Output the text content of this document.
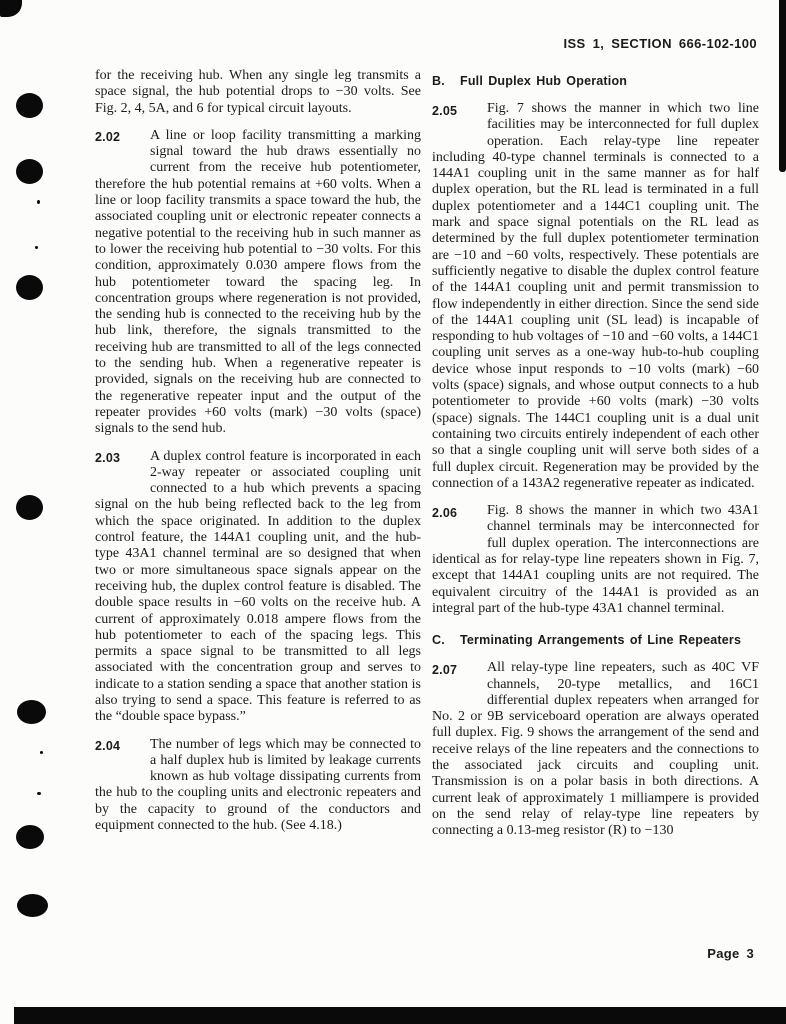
ISS 1, SECTION 666-102-100

for the receiving hub. When any single leg transmits a space signal, the hub potential drops to −30 volts. See Fig. 2, 4, 5A, and 6 for typical circuit layouts.

2.02	A line or loop facility transmitting a marking signal toward the hub draws essentially no current from the receive hub potentiometer, therefore the hub potential remains at +60 volts. When a line or loop facility transmits a space toward the hub, the associated coupling unit or electronic repeater connects a negative potential to the receiving hub in such manner as to lower the receiving hub potential to −30 volts. For this condition, approximately 0.030 ampere flows from the hub potentiometer toward the spacing leg. In concentration groups where regeneration is not provided, the sending hub is connected to the receiving hub by the hub link, therefore, the signals transmitted to the receiving hub are transmitted to all of the legs connected to the sending hub. When a regenerative repeater is provided, signals on the receiving hub are connected to the regenerative repeater input and the output of the repeater provides +60 volts (mark) −30 volts (space) signals to the send hub.

2.03	A duplex control feature is incorporated in each 2-way repeater or associated coupling unit connected to a hub which prevents a spacing signal on the hub being reflected back to the leg from which the space originated. In addition to the duplex control feature, the 144A1 coupling unit, and the hub-type 43A1 channel terminal are so designed that when two or more simultaneous space signals appear on the receiving hub, the duplex control feature is disabled. The double space results in −60 volts on the receive hub. A current of approximately 0.018 ampere flows from the hub potentiometer to each of the spacing legs. This permits a space signal to be transmitted to all legs associated with the concentration group and serves to indicate to a station sending a space that another station is also trying to send a space. This feature is referred to as the “double space bypass.”

2.04	The number of legs which may be connected to a half duplex hub is limited by leakage currents known as hub voltage dissipating currents from the hub to the coupling units and electronic repeaters and by the capacity to ground of the conductors and equipment connected to the hub. (See 4.18.)

B.	Full Duplex Hub Operation

2.05	Fig. 7 shows the manner in which two line facilities may be interconnected for full duplex operation. Each relay-type line repeater including 40-type channel terminals is connected to a 144A1 coupling unit in the same manner as for half duplex operation, but the RL lead is terminated in a full duplex potentiometer and a 144C1 coupling unit. The mark and space signal potentials on the RL lead as determined by the full duplex potentiometer termination are −10 and −60 volts, respectively. These potentials are sufficiently negative to disable the duplex control feature of the 144A1 coupling unit and permit transmission to flow independently in either direction. Since the send side of the 144A1 coupling unit (SL lead) is incapable of responding to hub voltages of −10 and −60 volts, a 144C1 coupling unit serves as a one-way hub-to-hub coupling device whose input responds to −10 volts (mark) −60 volts (space) signals, and whose output connects to a hub potentiometer to provide +60 volts (mark) −30 volts (space) signals. The 144C1 coupling unit is a dual unit containing two circuits entirely independent of each other so that a single coupling unit will serve both sides of a full duplex circuit. Regeneration may be provided by the connection of a 143A2 regenerative repeater as indicated.

2.06	Fig. 8 shows the manner in which two 43A1 channel terminals may be interconnected for full duplex operation. The interconnections are identical as for relay-type line repeaters shown in Fig. 7, except that 144A1 coupling units are not required. The equivalent circuitry of the 144A1 is provided as an integral part of the hub-type 43A1 channel terminal.

C.	Terminating Arrangements of Line Repeaters

2.07	All relay-type line repeaters, such as 40C VF channels, 20-type metallics, and 16C1 differential duplex repeaters when arranged for No. 2 or 9B serviceboard operation are always operated full duplex. Fig. 9 shows the arrangement of the send and receive relays of the line repeaters and the connections to the associated jack circuits and coupling unit. Transmission is on a polar basis in both directions. A current leak of approximately 1 milliampere is provided on the send relay of relay-type line repeaters by connecting a 0.13-meg resistor (R) to −130

Page 3
